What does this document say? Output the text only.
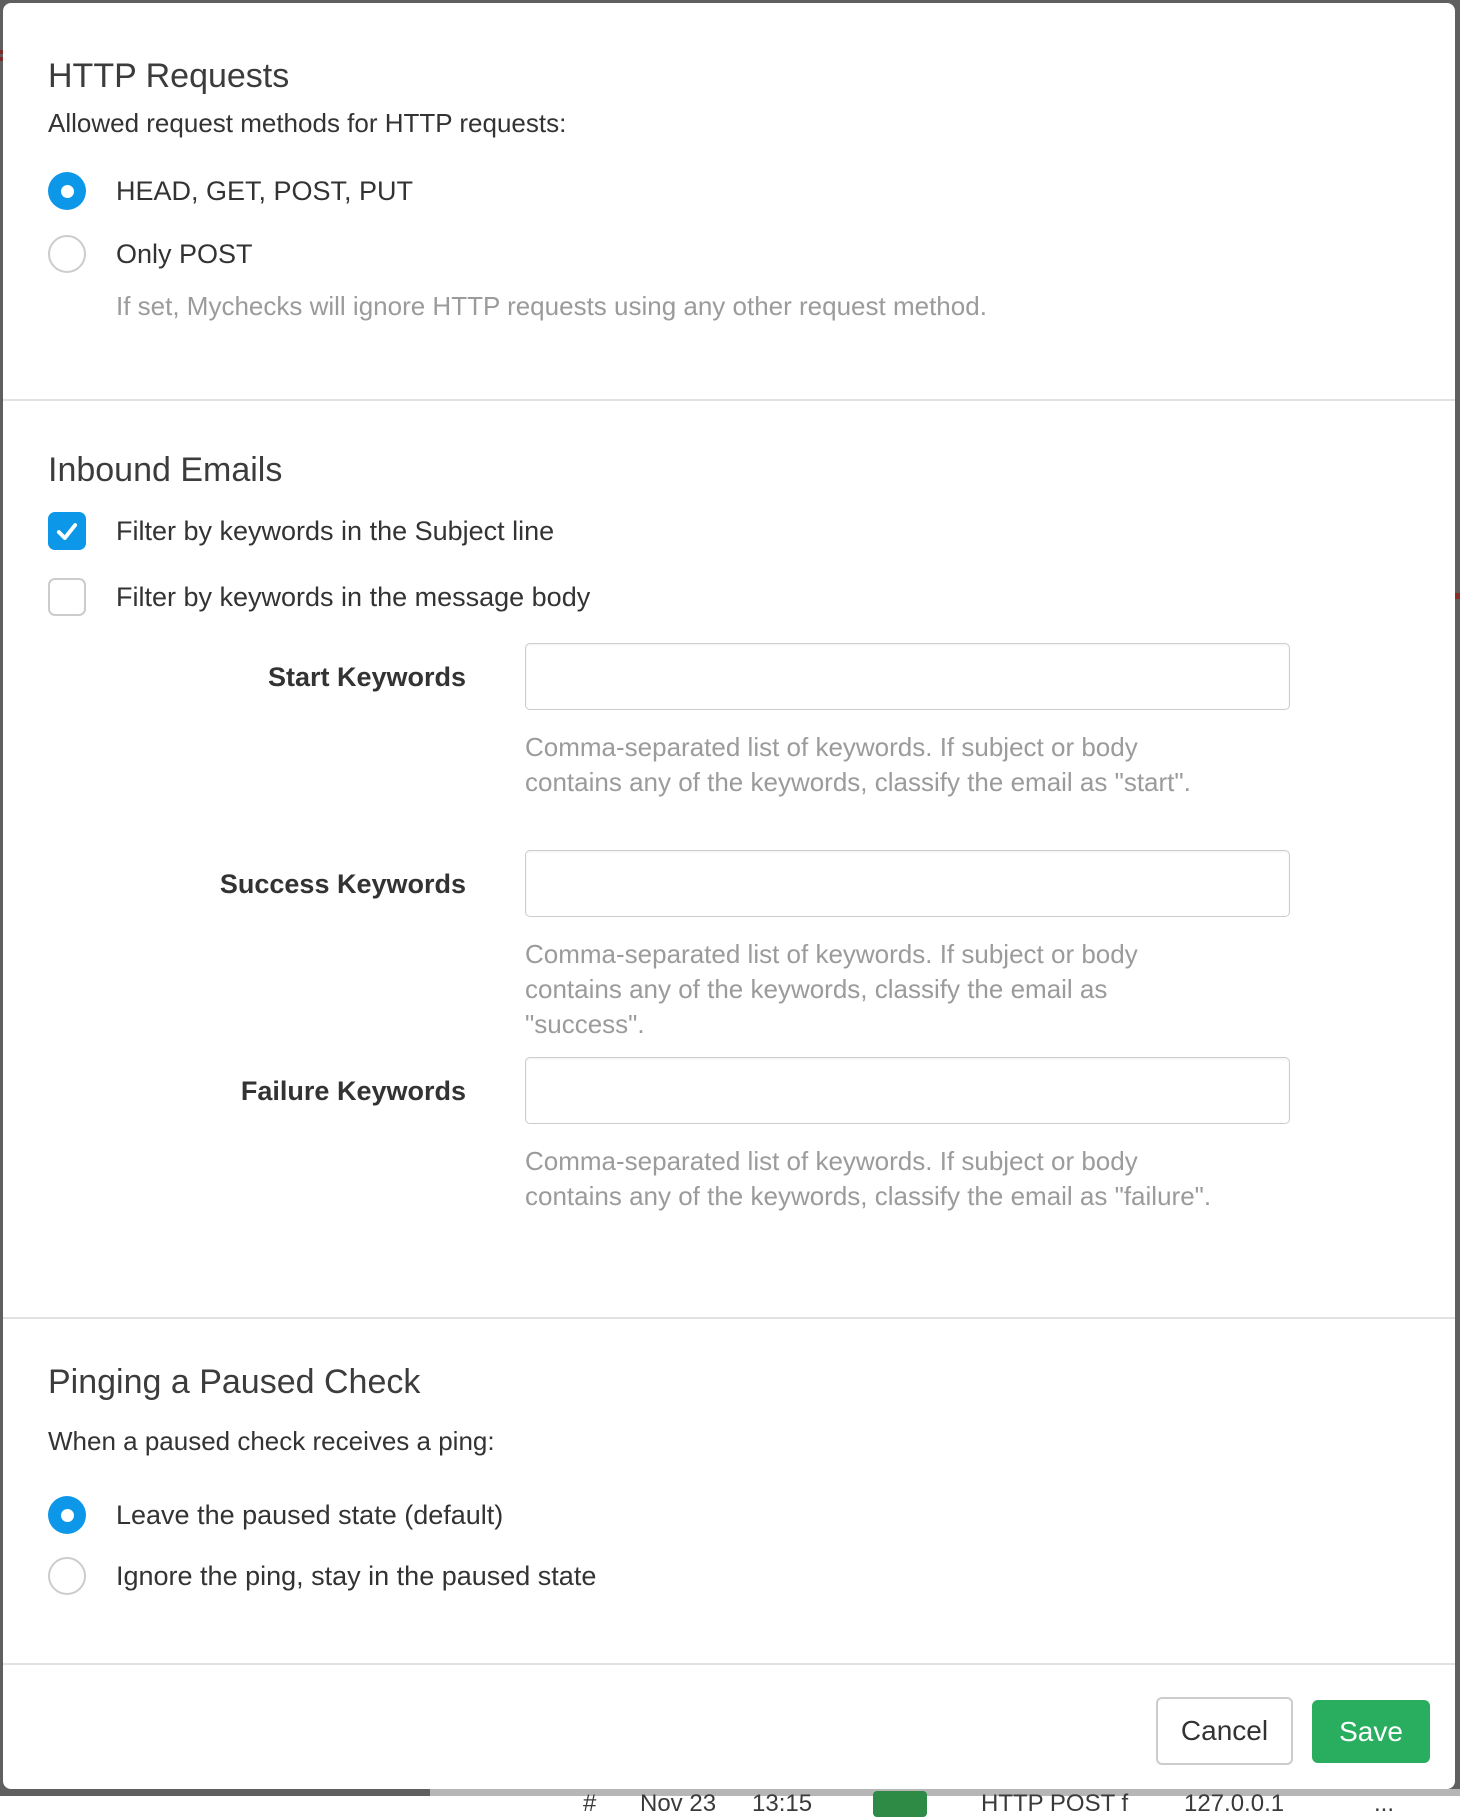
# Nov 23 13:15	HTTP POST f 127.0.0.1	...
HTTP Requests

Allowed request methods for HTTP requests:

HEAD, GET, POST, PUT
Only POST

If set, Mychecks will ignore HTTP requests using any other request method.

Inbound Emails
Filter by keywords in the Subject line
Filter by keywords in the message body
Start Keywords
Comma-separated list of keywords. If subject or body contains any of the keywords, classify the email as "start".
Success Keywords
Comma-separated list of keywords. If subject or body contains any of the keywords, classify the email as "success".
Failure Keywords
Comma-separated list of keywords. If subject or body contains any of the keywords, classify the email as "failure".
Pinging a Paused Check

When a paused check receives a ping:

Leave the paused state (default)
Ignore the ping, stay in the paused state
Cancel	Save
